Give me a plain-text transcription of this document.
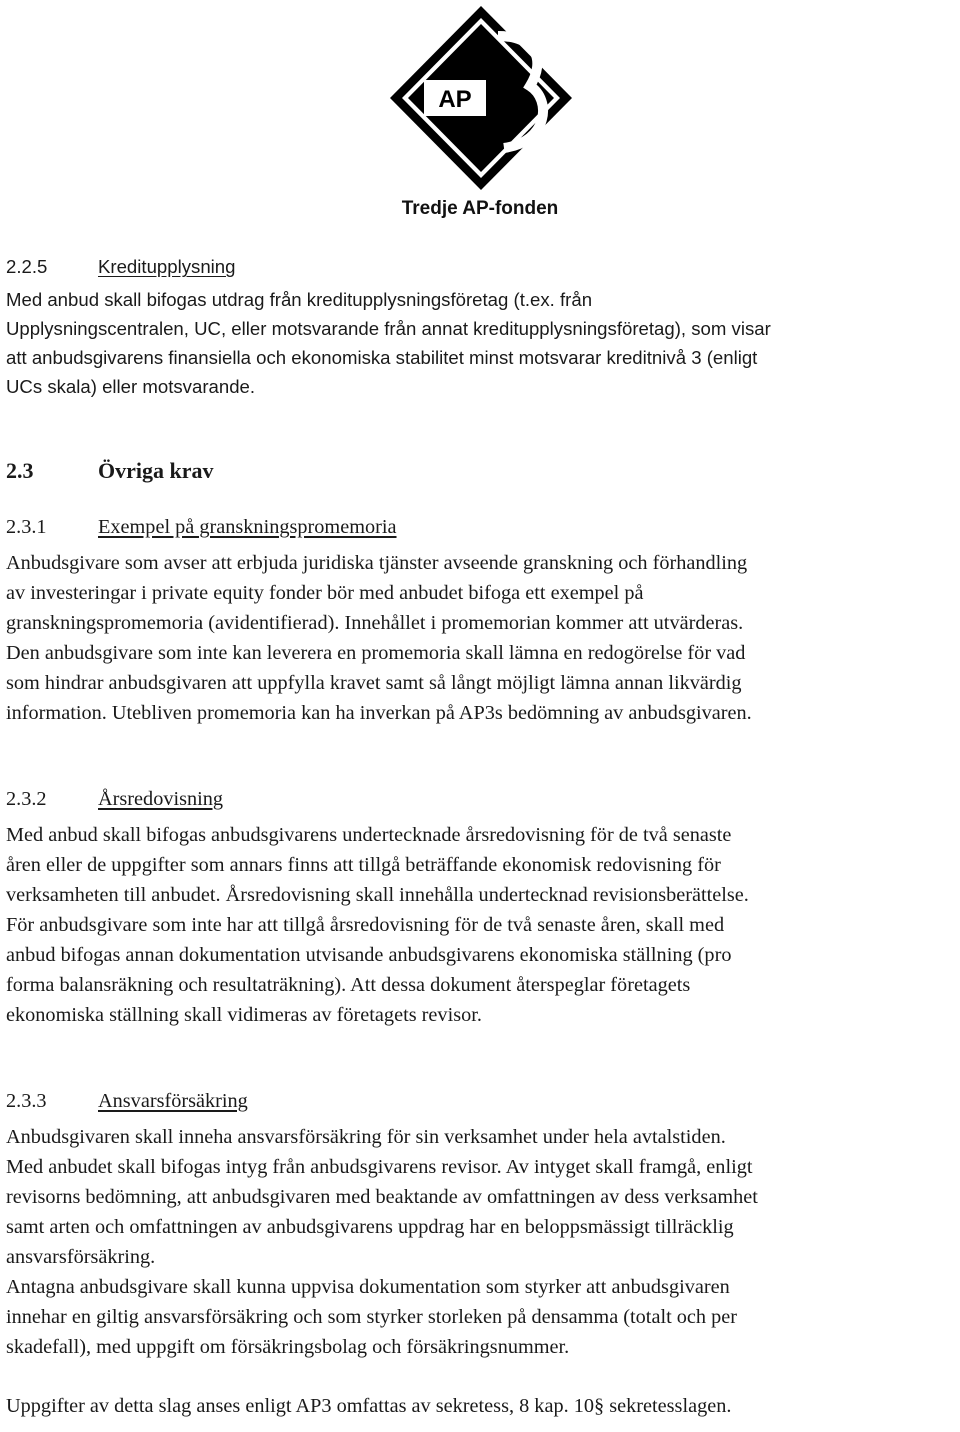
AP
Tredje AP-fonden
2.2.5	Kreditupplysning

Med anbud skall bifogas utdrag från kreditupplysningsföretag (t.ex. från

Upplysningscentralen, UC, eller motsvarande från annat kreditupplysningsföretag), som visar

att anbudsgivarens finansiella och ekonomiska stabilitet minst motsvarar kreditnivå 3 (enligt

UCs skala) eller motsvarande.

2.3	Övriga krav
2.3.1	Exempel på granskningspromemoria

Anbudsgivare som avser att erbjuda juridiska tjänster avseende granskning och förhandling

av investeringar i private equity fonder bör med anbudet bifoga ett exempel på

granskningspromemoria (avidentifierad). Innehållet i promemorian kommer att utvärderas.

Den anbudsgivare som inte kan leverera en promemoria skall lämna en redogörelse för vad

som hindrar anbudsgivaren att uppfylla kravet samt så långt möjligt lämna annan likvärdig

information. Utebliven promemoria kan ha inverkan på AP3s bedömning av anbudsgivaren.

2.3.2	Årsredovisning

Med anbud skall bifogas anbudsgivarens undertecknade årsredovisning för de två senaste

åren eller de uppgifter som annars finns att tillgå beträffande ekonomisk redovisning för

verksamheten till anbudet. Årsredovisning skall innehålla undertecknad revisionsberättelse.

För anbudsgivare som inte har att tillgå årsredovisning för de två senaste åren, skall med

anbud bifogas annan dokumentation utvisande anbudsgivarens ekonomiska ställning (pro

forma balansräkning och resultaträkning). Att dessa dokument återspeglar företagets

ekonomiska ställning skall vidimeras av företagets revisor.

2.3.3	Ansvarsförsäkring

Anbudsgivaren skall inneha ansvarsförsäkring för sin verksamhet under hela avtalstiden.

Med anbudet skall bifogas intyg från anbudsgivarens revisor. Av intyget skall framgå, enligt

revisorns bedömning, att anbudsgivaren med beaktande av omfattningen av dess verksamhet

samt arten och omfattningen av anbudsgivarens uppdrag har en beloppsmässigt tillräcklig

ansvarsförsäkring.

Antagna anbudsgivare skall kunna uppvisa dokumentation som styrker att anbudsgivaren

innehar en giltig ansvarsförsäkring och som styrker storleken på densamma (totalt och per

skadefall), med uppgift om försäkringsbolag och försäkringsnummer.

Uppgifter av detta slag anses enligt AP3 omfattas av sekretess, 8 kap. 10§ sekretesslagen.
